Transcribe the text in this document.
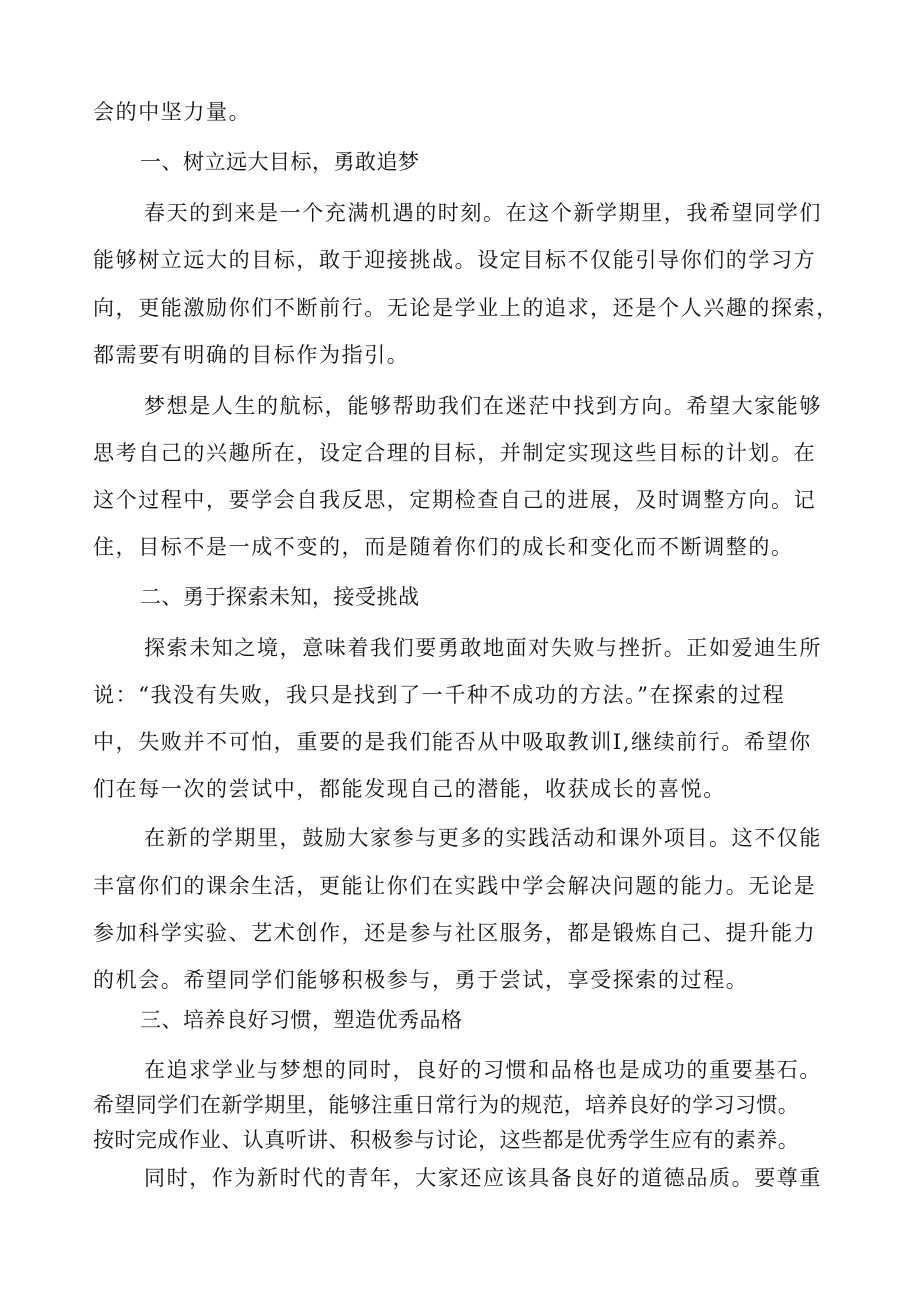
会的中坚力量。
一、树立远大目标，勇敢追梦
春天的到来是一个充满机遇的时刻。在这个新学期里，我希望同学们
能够树立远大的目标，敢于迎接挑战。设定目标不仅能引导你们的学习方
向，更能激励你们不断前行。无论是学业上的追求，还是个人兴趣的探索，
都需要有明确的目标作为指引。
梦想是人生的航标，能够帮助我们在迷茫中找到方向。希望大家能够
思考自己的兴趣所在，设定合理的目标，并制定实现这些目标的计划。在
这个过程中，要学会自我反思，定期检查自己的进展，及时调整方向。记
住，目标不是一成不变的，而是随着你们的成长和变化而不断调整的。
二、勇于探索未知，接受挑战
探索未知之境，意味着我们要勇敢地面对失败与挫折。正如爱迪生所
说：“我没有失败，我只是找到了一千种不成功的方法。”在探索的过程
中，失败并不可怕，重要的是我们能否从中吸取教训I,继续前行。希望你
们在每一次的尝试中，都能发现自己的潜能，收获成长的喜悦。
在新的学期里，鼓励大家参与更多的实践活动和课外项目。这不仅能
丰富你们的课余生活，更能让你们在实践中学会解决问题的能力。无论是
参加科学实验、艺术创作，还是参与社区服务，都是锻炼自己、提升能力
的机会。希望同学们能够积极参与，勇于尝试，享受探索的过程。
三、培养良好习惯，塑造优秀品格
在追求学业与梦想的同时，良好的习惯和品格也是成功的重要基石。
希望同学们在新学期里，能够注重日常行为的规范，培养良好的学习习惯。
按时完成作业、认真听讲、积极参与讨论，这些都是优秀学生应有的素养。
同时，作为新时代的青年，大家还应该具备良好的道德品质。要尊重
